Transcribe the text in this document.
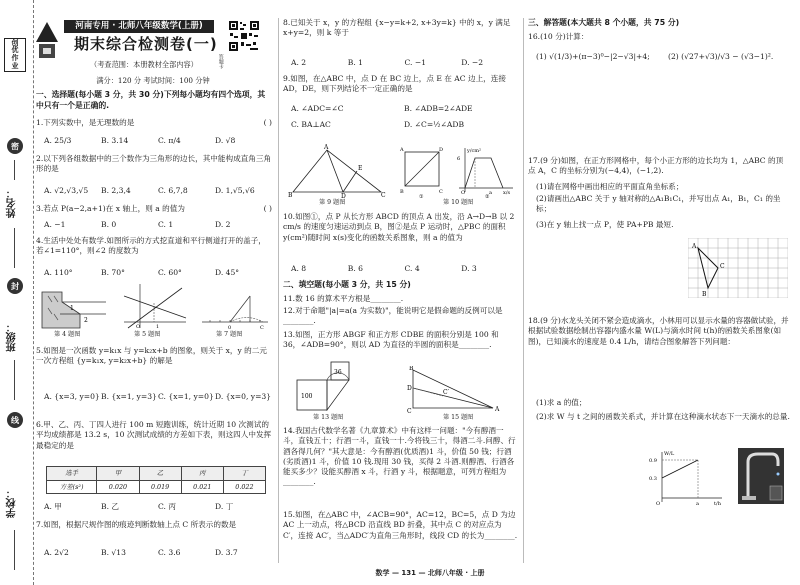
创
优
作
业
密
姓名：
封
班级：
线
学校：
河南专用 · 北师八年级数学(上册)
期末综合检测卷(一)
（考查范围：本册教材全部内容）	答题卡
满分：120 分 考试时间：100 分钟
一、选择题(每小题 3 分，共 30 分)下列每小题均有四个选项，其中只有一个是正确的.
1.下列实数中，是无理数的是	( )
A. 25/3	B. 3.14	C. π/4	D. √8
2.以下列各组数据中的三个数作为三角形的边长，其中能构成直角三角形的是
A. √2,√3,√5	B. 2,3,4	C. 6,7,8	D. 1,√5,√6
3.若点 P(a−2,a+1)在 x 轴上，则 a 的值为	( )
A. −1	B. 0	C. 1	D. 2
4.生活中处处有数学.如图所示的方式挖直道和平行侧道打开的盖子，若∠1=110°，则∠2 的度数为
A. 110°	B. 70°	C. 60°	D. 45°
1
2
第 4 题图
O	1
第 5 题图
0	C
第 7 题图
5.如图是一次函数 y=k₁x 与 y=k₂x+b 的图象，则关于 x，y 的二元一次方程组 {y=k₁x, y=k₂x+b} 的解是
A. {x=3, y=0} B. {x=1, y=3} C. {x=1, y=0} D. {x=0, y=3}
6.甲、乙、丙、丁四人进行 100 m 短跑训练，统计近期 10 次测试的平均成绩都是 13.2 s，10 次测试成绩的方差如下表，则这四人中发挥最稳定的是
选手	甲	乙	丙	丁
方差(s²)	0.020	0.019	0.021	0.022
A. 甲	B. 乙	C. 丙	D. 丁
7.如图，根据尺规作图的痕迹判断数轴上点 C 所表示的数是
A. 2√2	B. √13	C. 3.6	D. 3.7
8.已知关于 x，y 的方程组 {x−y=k+2, x+3y=k} 中的 x，y 满足 x+y=2，则 k 等于
A. 2	B. 1	C. −1	D. −2
9.如图，在△ABC 中，点 D 在 BC 边上，点 E 在 AC 边上，连接 AD，DE，则下列结论不一定正确的是
A. ∠ADC=∠C	B. ∠ADB=2∠ADE
C. BA⊥AC	D. ∠C=½∠ADB
B
A
D
E
C
第 9 题图
A	D
B	C
①
6
y/cm²
O	a x/s
②
第 10 题图
10.如图①，点 P 从长方形 ABCD 的顶点 A 出发，沿 A→D→B 以 2 cm/s 的速度匀速运动到点 B，图②是点 P 运动时，△PBC 的面积 y(cm²)随时间 x(s)变化的函数关系图象，则 a 的值为
A. 8	B. 6	C. 4	D. 3
二、填空题(每小题 3 分，共 15 分)
11.数 16 的算术平方根是________.
12.对于命题"|a|=a(a 为实数)"，能说明它是假命题的反例可以是________.
13.如图，正方形 ABGF 和正方形 CDBE 的面积分别是 100 和 36，∠ADB=90°，则以 AD 为直径的半圆的面积是________.
100
36
第 13 题图
B
D
C	A
C′
第 15 题图
14.我国古代数学名著《九章算术》中有这样一问题："今有醇酒一斗，直钱五十；行酒一斗，直钱一十.今将钱三十，得酒二斗.问醇、行酒各得几何？"其大意是：今有醇酒(优质酒)1 斗，价值 50 钱；行酒(劣质酒)1 斗，价值 10 钱.现用 30 钱，买得 2 斗酒.则醇酒、行酒各能买多少？设能买醇酒 x 斗，行酒 y 斗，根据题意，可列方程组为________.
15.如图，在△ABC 中，∠ACB=90°，AC=12，BC=5，点 D 为边 AC 上一动点，将△BCD 沿直线 BD 折叠，其中点 C 的对应点为 C′，连接 AC′，当△ADC′为直角三角形时，线段 CD 的长为________.
三、解答题(本大题共 8 个小题，共 75 分)
16.(10 分)计算：
(1) √(1/3)+(π−3)⁰−|2−√3|+4;	(2) (√27+√3)/√3 − (√3−1)².
17.(9 分)如图，在正方形网格中，每个小正方形的边长均为 1，△ABC 的顶点 A，C 的坐标分别为(−4,4)，(−1,2).
(1)请在网格中画出相应的平面直角坐标系；
(2)请画出△ABC 关于 y 轴对称的△A₁B₁C₁，并写出点 A₁，B₁，C₁ 的坐标；
(3)在 y 轴上找一点 P，使 PA+PB 最短.
A
C
B
18.(9 分)水龙头关闭不紧会造成滴水，小林用可以显示水量的容器做试验，并根据试验数据绘制出容器内盛水量 W(L)与滴水时间 t(h)的函数关系图象(如图)，已知滴水的速度是 0.4 L/h，请结合图象解答下列问题：
(1)求 a 的值；
(2)求 W 与 t 之间的函数关系式，并计算在这种滴水状态下一天滴水的总量.
W/L
t/h
0.9
0.3
O	a
数学 — 131 — 北师八年级 · 上册
